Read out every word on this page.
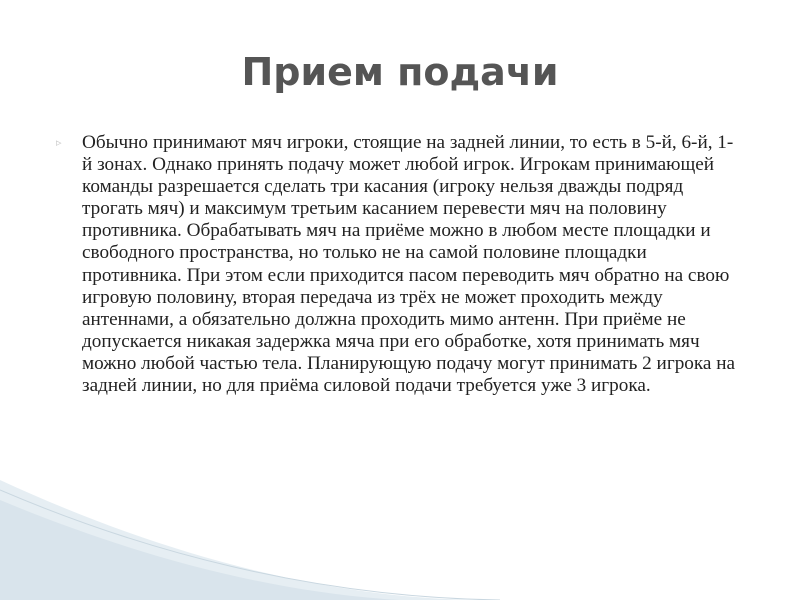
Прием подачи
▹	Обычно принимают мяч игроки, стоящие на задней линии, то есть в 5-й, 6-й, 1-й зонах. Однако принять подачу может любой игрок. Игрокам принимающей команды разрешается сделать три касания (игроку нельзя дважды подряд трогать мяч) и максимум третьим касанием перевести мяч на половину противника. Обрабатывать мяч на приёме можно в любом месте площадки и свободного пространства, но только не на самой половине площадки противника. При этом если приходится пасом переводить мяч обратно на свою игровую половину, вторая передача из трёх не может проходить между антеннами, а обязательно должна проходить мимо антенн. При приёме не допускается никакая задержка мяча при его обработке, хотя принимать мяч можно любой частью тела. Планирующую подачу могут принимать 2 игрока на задней линии, но для приёма силовой подачи требуется уже 3 игрока.
